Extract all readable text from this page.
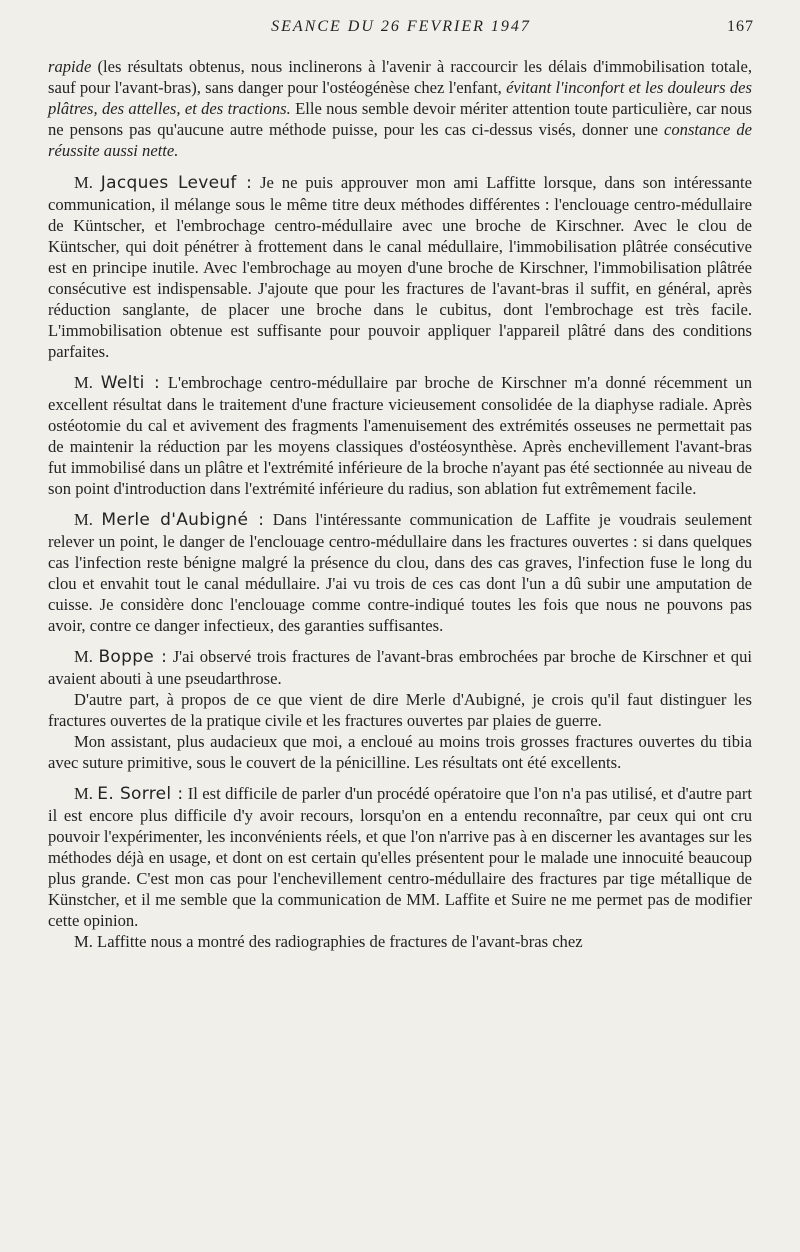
SEANCE DU 26 FEVRIER 1947	167

rapide (les résultats obtenus, nous inclinerons à l'avenir à raccourcir les délais d'immobilisation totale, sauf pour l'avant-bras), sans danger pour l'ostéogénèse chez l'enfant, évitant l'inconfort et les douleurs des plâtres, des attelles, et des tractions. Elle nous semble devoir mériter attention toute particulière, car nous ne pensons pas qu'aucune autre méthode puisse, pour les cas ci-dessus visés, donner une constance de réussite aussi nette.

M. Jacques Leveuf : Je ne puis approuver mon ami Laffitte lorsque, dans son intéressante communication, il mélange sous le même titre deux méthodes différentes : l'enclouage centro-médullaire de Küntscher, et l'embrochage centro-médullaire avec une broche de Kirschner. Avec le clou de Küntscher, qui doit pénétrer à frottement dans le canal médullaire, l'immobilisation plâtrée consécutive est en principe inutile. Avec l'embrochage au moyen d'une broche de Kirschner, l'immobilisation plâtrée consécutive est indispensable. J'ajoute que pour les fractures de l'avant-bras il suffit, en général, après réduction sanglante, de placer une broche dans le cubitus, dont l'embrochage est très facile. L'immobilisation obtenue est suffisante pour pouvoir appliquer l'appareil plâtré dans des conditions parfaites.

M. Welti : L'embrochage centro-médullaire par broche de Kirschner m'a donné récemment un excellent résultat dans le traitement d'une fracture vicieusement consolidée de la diaphyse radiale. Après ostéotomie du cal et avivement des fragments l'amenuisement des extrémités osseuses ne permettait pas de maintenir la réduction par les moyens classiques d'ostéosynthèse. Après enchevillement l'avant-bras fut immobilisé dans un plâtre et l'extrémité inférieure de la broche n'ayant pas été sectionnée au niveau de son point d'introduction dans l'extrémité inférieure du radius, son ablation fut extrêmement facile.

M. Merle d'Aubigné : Dans l'intéressante communication de Laffite je voudrais seulement relever un point, le danger de l'enclouage centro-médullaire dans les fractures ouvertes : si dans quelques cas l'infection reste bénigne malgré la présence du clou, dans des cas graves, l'infection fuse le long du clou et envahit tout le canal médullaire. J'ai vu trois de ces cas dont l'un a dû subir une amputation de cuisse. Je considère donc l'enclouage comme contre-indiqué toutes les fois que nous ne pouvons pas avoir, contre ce danger infectieux, des garanties suffisantes.

M. Boppe : J'ai observé trois fractures de l'avant-bras embrochées par broche de Kirschner et qui avaient abouti à une pseudarthrose.

D'autre part, à propos de ce que vient de dire Merle d'Aubigné, je crois qu'il faut distinguer les fractures ouvertes de la pratique civile et les fractures ouvertes par plaies de guerre.

Mon assistant, plus audacieux que moi, a encloué au moins trois grosses fractures ouvertes du tibia avec suture primitive, sous le couvert de la pénicilline. Les résultats ont été excellents.

M. E. Sorrel : Il est difficile de parler d'un procédé opératoire que l'on n'a pas utilisé, et d'autre part il est encore plus difficile d'y avoir recours, lorsqu'on en a entendu reconnaître, par ceux qui ont cru pouvoir l'expérimenter, les inconvénients réels, et que l'on n'arrive pas à en discerner les avantages sur les méthodes déjà en usage, et dont on est certain qu'elles présentent pour le malade une innocuité beaucoup plus grande. C'est mon cas pour l'enchevillement centro-médullaire des fractures par tige métallique de Künstcher, et il me semble que la communication de MM. Laffite et Suire ne me permet pas de modifier cette opinion.

M. Laffitte nous a montré des radiographies de fractures de l'avant-bras chez
